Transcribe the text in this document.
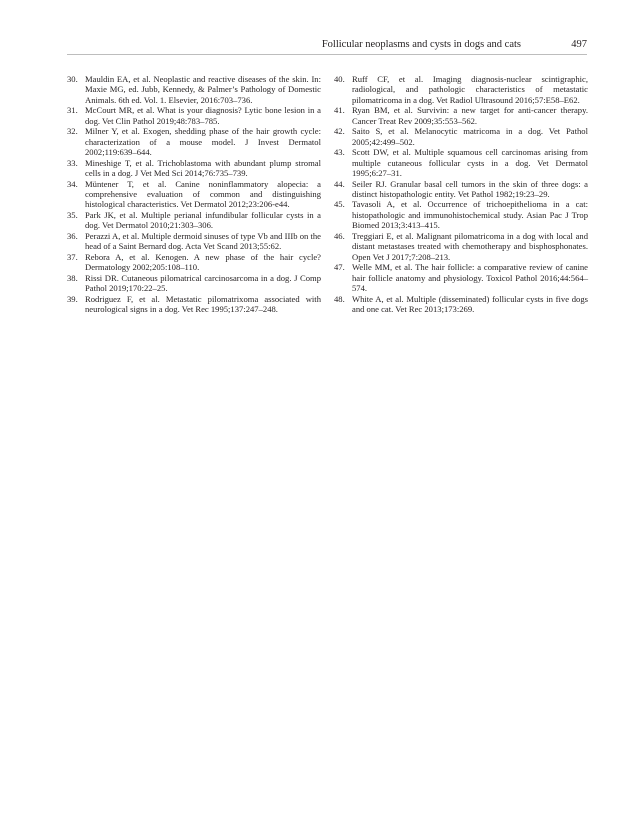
Follicular neoplasms and cysts in dogs and cats	497

30. Mauldin EA, et al. Neoplastic and reactive diseases of the skin. In: Maxie MG, ed. Jubb, Kennedy, & Palmer’s Pathology of Domestic Animals. 6th ed. Vol. 1. Elsevier, 2016:703–736.

31. McCourt MR, et al. What is your diagnosis? Lytic bone lesion in a dog. Vet Clin Pathol 2019;48:783–785.

32. Milner Y, et al. Exogen, shedding phase of the hair growth cycle: characterization of a mouse model. J Invest Dermatol 2002;119:639–644.

33. Mineshige T, et al. Trichoblastoma with abundant plump stromal cells in a dog. J Vet Med Sci 2014;76:735–739.

34. Müntener T, et al. Canine noninflammatory alopecia: a comprehensive evaluation of common and distinguishing histological characteristics. Vet Dermatol 2012;23:206-e44.

35. Park JK, et al. Multiple perianal infundibular follicular cysts in a dog. Vet Dermatol 2010;21:303–306.

36. Perazzi A, et al. Multiple dermoid sinuses of type Vb and IIIb on the head of a Saint Bernard dog. Acta Vet Scand 2013;55:62.

37. Rebora A, et al. Kenogen. A new phase of the hair cycle? Dermatology 2002;205:108–110.

38. Rissi DR. Cutaneous pilomatrical carcinosarcoma in a dog. J Comp Pathol 2019;170:22–25.

39. Rodriguez F, et al. Metastatic pilomatrixoma associated with neurological signs in a dog. Vet Rec 1995;137:247–248.

40. Ruff CF, et al. Imaging diagnosis-nuclear scintigraphic, radiological, and pathologic characteristics of metastatic pilomatricoma in a dog. Vet Radiol Ultrasound 2016;57:E58–E62.

41. Ryan BM, et al. Survivin: a new target for anti-cancer therapy. Cancer Treat Rev 2009;35:553–562.

42. Saito S, et al. Melanocytic matricoma in a dog. Vet Pathol 2005;42:499–502.

43. Scott DW, et al. Multiple squamous cell carcinomas arising from multiple cutaneous follicular cysts in a dog. Vet Dermatol 1995;6:27–31.

44. Seiler RJ. Granular basal cell tumors in the skin of three dogs: a distinct histopathologic entity. Vet Pathol 1982;19:23–29.

45. Tavasoli A, et al. Occurrence of trichoepithelioma in a cat: histopathologic and immunohistochemical study. Asian Pac J Trop Biomed 2013;3:413–415.

46. Treggiari E, et al. Malignant pilomatricoma in a dog with local and distant metastases treated with chemotherapy and bisphosphonates. Open Vet J 2017;7:208–213.

47. Welle MM, et al. The hair follicle: a comparative review of canine hair follicle anatomy and physiology. Toxicol Pathol 2016;44:564–574.

48. White A, et al. Multiple (disseminated) follicular cysts in five dogs and one cat. Vet Rec 2013;173:269.
